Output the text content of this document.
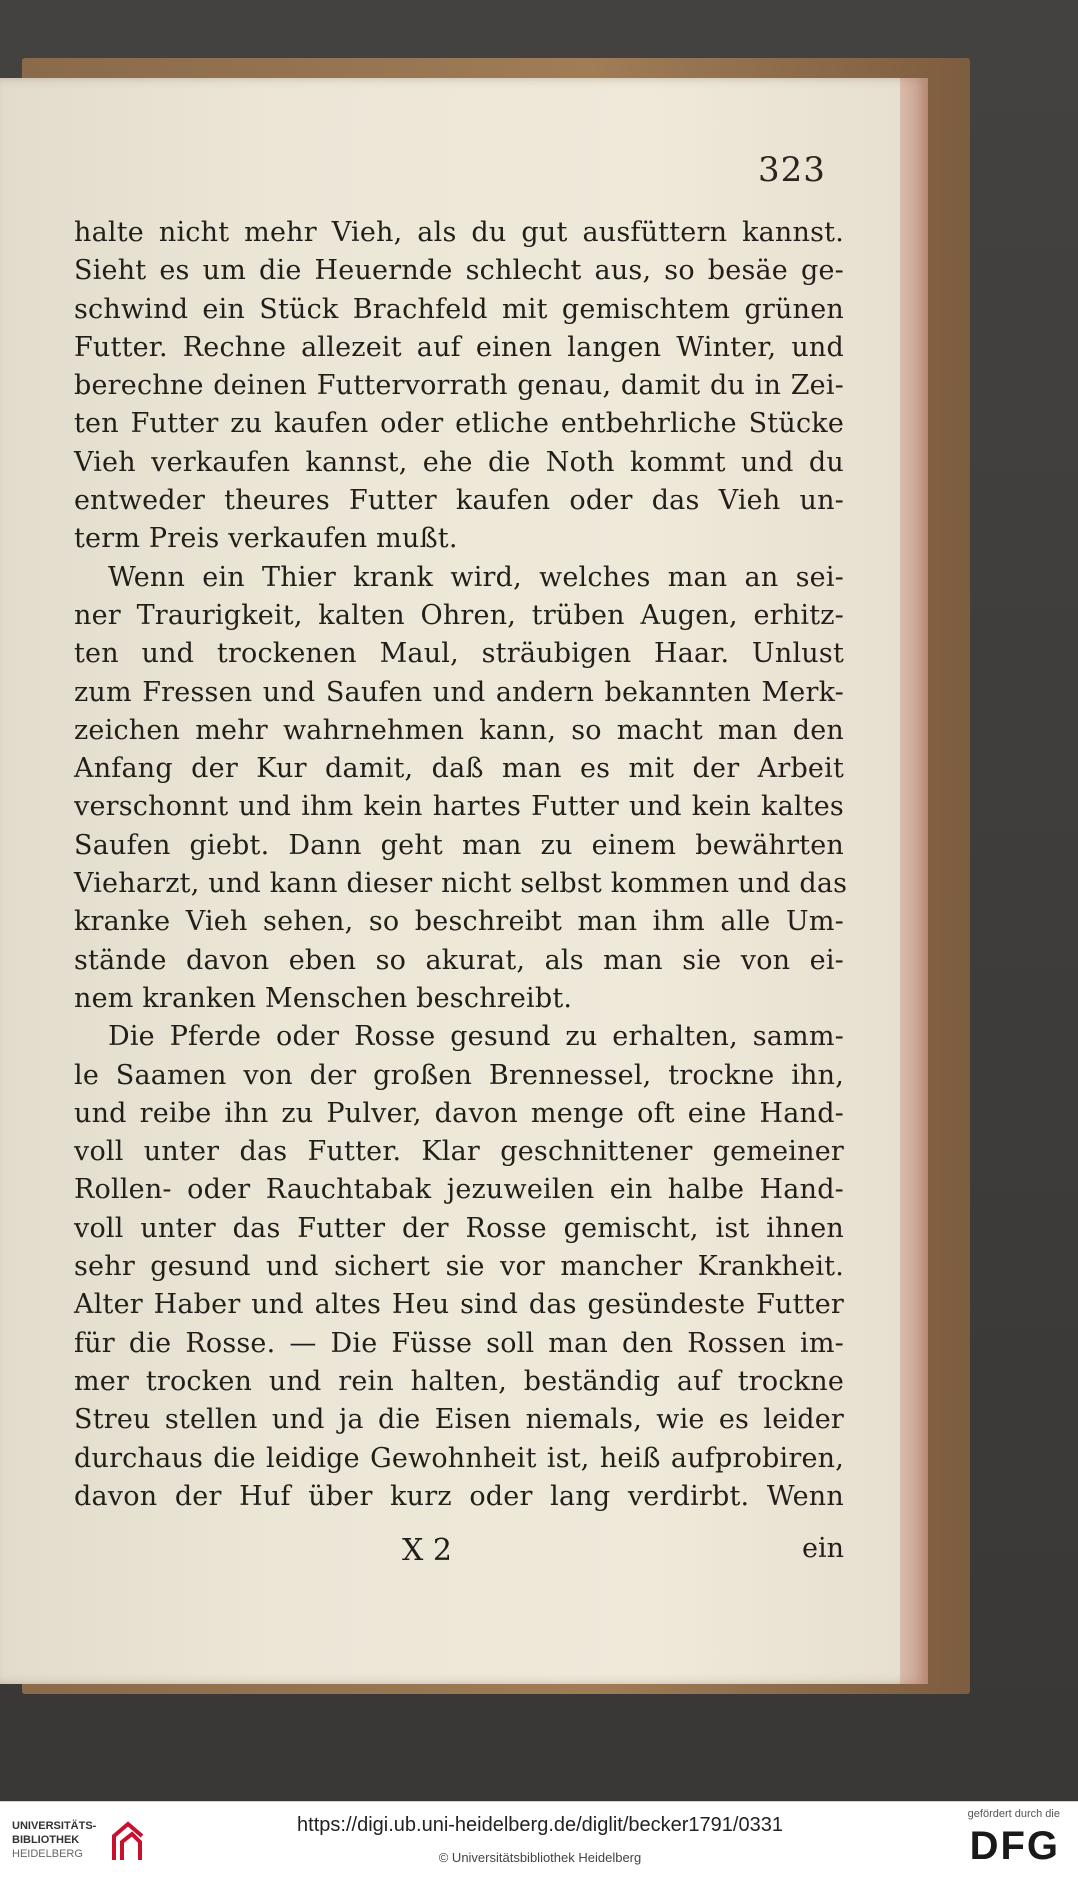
323
halte nicht mehr Vieh, als du gut ausfüttern kannst.
Sieht es um die Heuernde schlecht aus, so besäe ge-
schwind ein Stück Brachfeld mit gemischtem grünen
Futter. Rechne allezeit auf einen langen Winter, und
berechne deinen Futtervorrath genau, damit du in Zei-
ten Futter zu kaufen oder etliche entbehrliche Stücke
Vieh verkaufen kannst, ehe die Noth kommt und du
entweder theures Futter kaufen oder das Vieh un-
term Preis verkaufen mußt.
Wenn ein Thier krank wird, welches man an sei-
ner Traurigkeit, kalten Ohren, trüben Augen, erhitz-
ten und trockenen Maul, sträubigen Haar. Unlust
zum Fressen und Saufen und andern bekannten Merk-
zeichen mehr wahrnehmen kann, so macht man den
Anfang der Kur damit, daß man es mit der Arbeit
verschonnt und ihm kein hartes Futter und kein kaltes
Saufen giebt. Dann geht man zu einem bewährten
Vieharzt, und kann dieser nicht selbst kommen und das
kranke Vieh sehen, so beschreibt man ihm alle Um-
stände davon eben so akurat, als man sie von ei-
nem kranken Menschen beschreibt.
Die Pferde oder Rosse gesund zu erhalten, samm-
le Saamen von der großen Brennessel, trockne ihn,
und reibe ihn zu Pulver, davon menge oft eine Hand-
voll unter das Futter. Klar geschnittener gemeiner
Rollen- oder Rauchtabak jezuweilen ein halbe Hand-
voll unter das Futter der Rosse gemischt, ist ihnen
sehr gesund und sichert sie vor mancher Krankheit.
Alter Haber und altes Heu sind das gesündeste Futter
für die Rosse. — Die Füsse soll man den Rossen im-
mer trocken und rein halten, beständig auf trockne
Streu stellen und ja die Eisen niemals, wie es leider
durchaus die leidige Gewohnheit ist, heiß aufprobiren,
davon der Huf über kurz oder lang verdirbt. Wenn
X 2	ein
UNIVERSITÄTS-
BIBLIOTHEK
HEIDELBERG
https://digi.ub.uni-heidelberg.de/diglit/becker1791/0331
© Universitätsbibliothek Heidelberg
gefördert durch die
DFG
